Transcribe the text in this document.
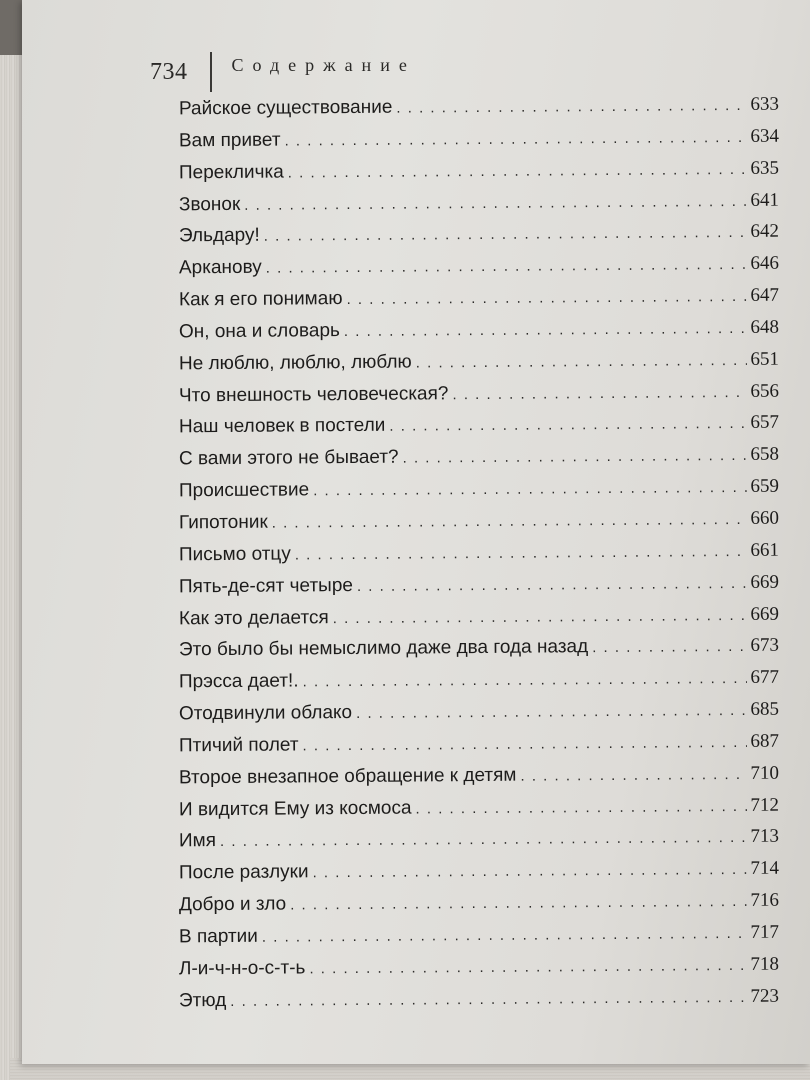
734 Содержание
Райское существование . . .	633
Вам привет . . .	634
Перекличка . . .	635
Звонок . . .	641
Эльдару! . . .	642
Арканову . . .	646
Как я его понимаю . . .	647
Он, она и словарь . . .	648
Не люблю, люблю, люблю . . .	651
Что внешность человеческая? . . .	656
Наш человек в постели . . .	657
С вами этого не бывает? . . .	658
Происшествие . . .	659
Гипотоник . . .	660
Письмо отцу . . .	661
Пять-де-сят четыре . . .	669
Как это делается . . .	669
Это было бы немыслимо даже два года назад . . .	673
Прэсса дает!. . . .	677
Отодвинули облако . . .	685
Птичий полет . . .	687
Второе внезапное обращение к детям . . .	710
И видится Ему из космоса . . .	712
Имя . . .	713
После разлуки . . .	714
Добро и зло . . .	716
В партии . . .	717
Л-и-ч-н-о-с-т-ь . . .	718
Этюд . . .	723
